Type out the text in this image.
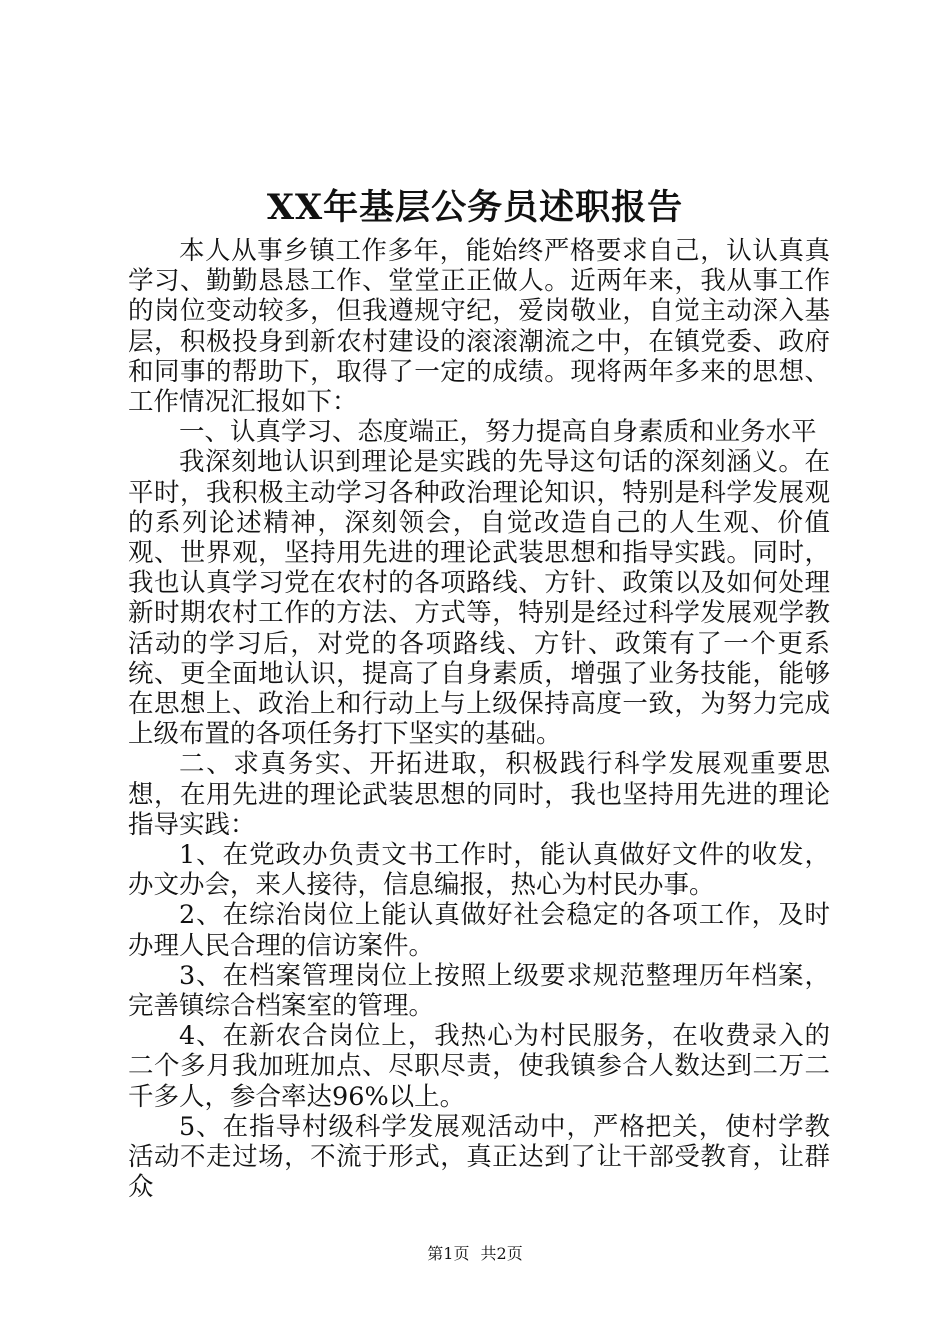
XX年基层公务员述职报告

本人从事乡镇工作多年，能始终严格要求自己，认认真真学习、勤勤恳恳工作、堂堂正正做人。近两年来，我从事工作的岗位变动较多，但我遵规守纪，爱岗敬业，自觉主动深入基层，积极投身到新农村建设的滚滚潮流之中，在镇党委、政府和同事的帮助下，取得了一定的成绩。现将两年多来的思想、工作情况汇报如下：

一、认真学习、态度端正，努力提高自身素质和业务水平

我深刻地认识到理论是实践的先导这句话的深刻涵义。在平时，我积极主动学习各种政治理论知识，特别是科学发展观的系列论述精神，深刻领会，自觉改造自己的人生观、价值观、世界观，坚持用先进的理论武装思想和指导实践。同时，我也认真学习党在农村的各项路线、方针、政策以及如何处理新时期农村工作的方法、方式等，特别是经过科学发展观学教活动的学习后，对党的各项路线、方针、政策有了一个更系统、更全面地认识，提高了自身素质，增强了业务技能，能够在思想上、政治上和行动上与上级保持高度一致，为努力完成上级布置的各项任务打下坚实的基础。

二、求真务实、开拓进取，积极践行科学发展观重要思想，在用先进的理论武装思想的同时，我也坚持用先进的理论指导实践：

1、在党政办负责文书工作时，能认真做好文件的收发，办文办会，来人接待，信息编报，热心为村民办事。

2、在综治岗位上能认真做好社会稳定的各项工作，及时办理人民合理的信访案件。

3、在档案管理岗位上按照上级要求规范整理历年档案，完善镇综合档案室的管理。

4、在新农合岗位上，我热心为村民服务，在收费录入的二个多月我加班加点、尽职尽责，使我镇参合人数达到二万二千多人，参合率达96%以上。

5、在指导村级科学发展观活动中，严格把关，使村学教活动不走过场，不流于形式，真正达到了让干部受教育，让群众

第1页 共2页
